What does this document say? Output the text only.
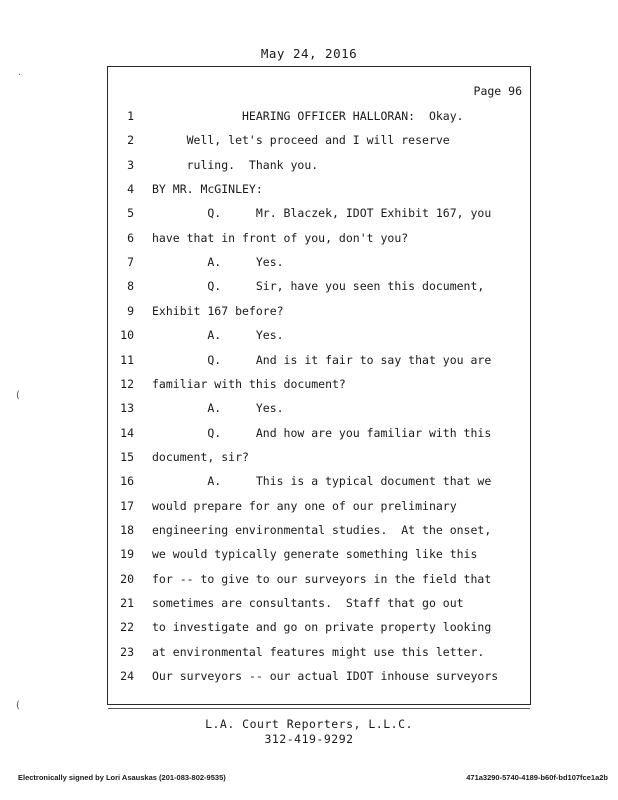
May 24, 2016
Page 96
1 HEARING OFFICER HALLORAN:  Okay.
2 Well, let's proceed and I will reserve
3 ruling.  Thank you.
4 BY MR. McGINLEY:
5 Q.     Mr. Blaczek, IDOT Exhibit 167, you
6 have that in front of you, don't you?
7 A.     Yes.
8 Q.     Sir, have you seen this document,
9 Exhibit 167 before?
10 A.     Yes.
11 Q.     And is it fair to say that you are
12 familiar with this document?
13 A.     Yes.
14 Q.     And how are you familiar with this
15 document, sir?
16 A.     This is a typical document that we
17 would prepare for any one of our preliminary
18 engineering environmental studies.  At the onset,
19 we would typically generate something like this
20 for -- to give to our surveyors in the field that
21 sometimes are consultants.  Staff that go out
22 to investigate and go on private property looking
23 at environmental features might use this letter.
24 Our surveyors -- our actual IDOT inhouse surveyors
L.A. Court Reporters, L.L.C.
312-419-9292
Electronically signed by Lori Asauskas (201-083-802-9535)	471a3290-5740-4189-b60f-bd107fce1a2b
·
(
(
